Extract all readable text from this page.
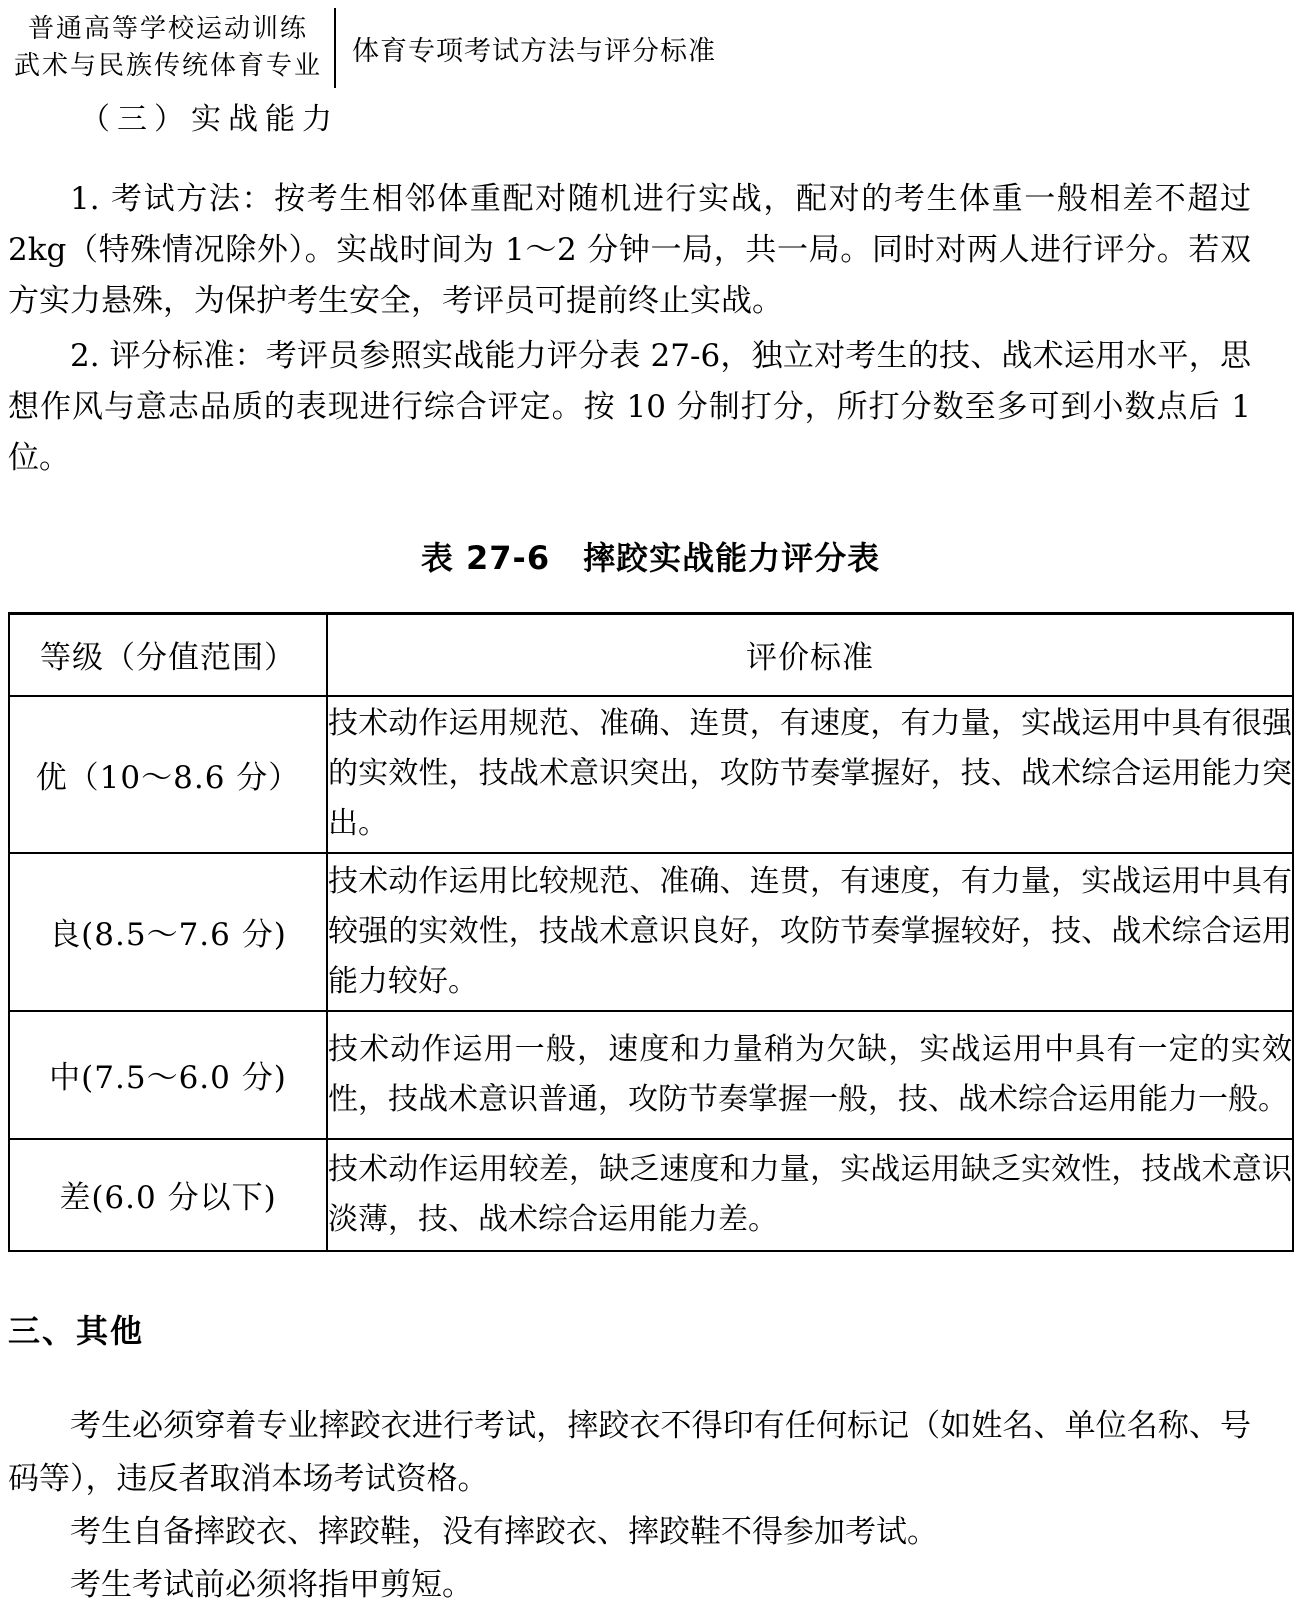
普通高等学校运动训练
武术与民族传统体育专业 体育专项考试方法与评分标准
（三）实战能力

1. 考试方法：按考生相邻体重配对随机进行实战，配对的考生体重一般相差不超过 2kg（特殊情况除外）。实战时间为 1～2 分钟一局，共一局。同时对两人进行评分。若双方实力悬殊，为保护考生安全，考评员可提前终止实战。

2. 评分标准：考评员参照实战能力评分表 27-6，独立对考生的技、战术运用水平，思想作风与意志品质的表现进行综合评定。按 10 分制打分，所打分数至多可到小数点后 1 位。

表 27-6　摔跤实战能力评分表
等级（分值范围）	评价标准
优（10～8.6 分）	技术动作运用规范、准确、连贯，有速度，有力量，实战运用中具有很强的实效性，技战术意识突出，攻防节奏掌握好，技、战术综合运用能力突出。
良(8.5～7.6 分)	技术动作运用比较规范、准确、连贯，有速度，有力量，实战运用中具有较强的实效性，技战术意识良好，攻防节奏掌握较好，技、战术综合运用能力较好。
中(7.5～6.0 分)	技术动作运用一般，速度和力量稍为欠缺，实战运用中具有一定的实效性，技战术意识普通，攻防节奏掌握一般，技、战术综合运用能力一般。
差(6.0 分以下)	技术动作运用较差，缺乏速度和力量，实战运用缺乏实效性，技战术意识淡薄，技、战术综合运用能力差。
三、其他

考生必须穿着专业摔跤衣进行考试，摔跤衣不得印有任何标记（如姓名、单位名称、号码等），违反者取消本场考试资格。

考生自备摔跤衣、摔跤鞋，没有摔跤衣、摔跤鞋不得参加考试。

考生考试前必须将指甲剪短。
